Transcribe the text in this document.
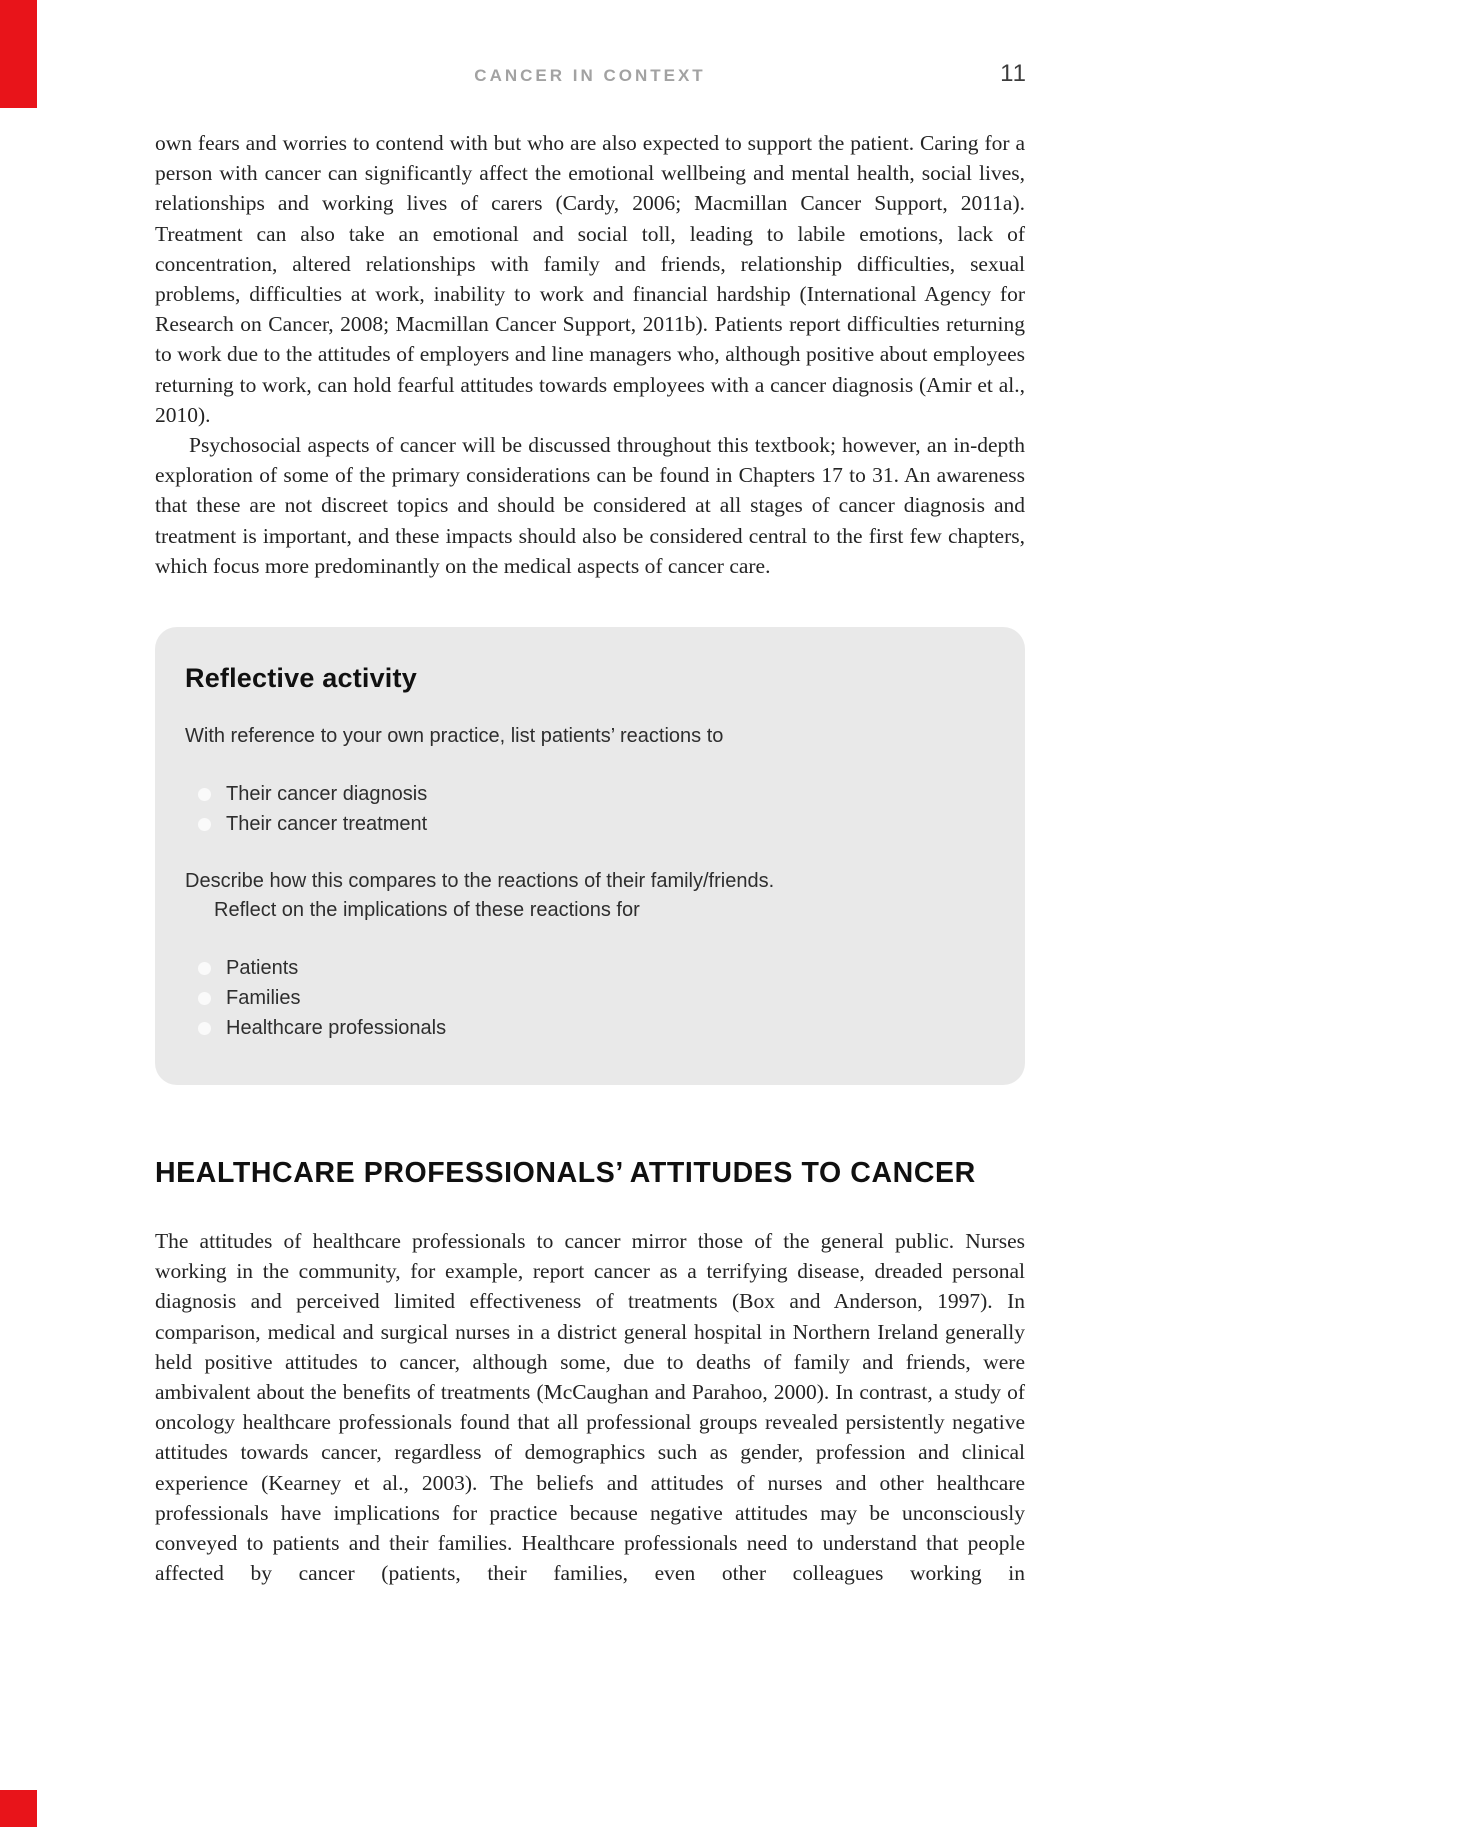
CANCER IN CONTEXT	11

own fears and worries to contend with but who are also expected to support the patient. Caring for a person with cancer can significantly affect the emotional wellbeing and mental health, social lives, relationships and working lives of carers (Cardy, 2006; Macmillan Cancer Support, 2011a). Treatment can also take an emotional and social toll, leading to labile emotions, lack of concentration, altered relationships with family and friends, relationship difficulties, sexual problems, difficulties at work, inability to work and financial hardship (International Agency for Research on Cancer, 2008; Macmillan Cancer Support, 2011b). Patients report difficulties returning to work due to the attitudes of employers and line managers who, although positive about employees returning to work, can hold fearful attitudes towards employees with a cancer diagnosis (Amir et al., 2010).

Psychosocial aspects of cancer will be discussed throughout this textbook; however, an in-depth exploration of some of the primary considerations can be found in Chapters 17 to 31. An awareness that these are not discreet topics and should be considered at all stages of cancer diagnosis and treatment is important, and these impacts should also be considered central to the first few chapters, which focus more predominantly on the medical aspects of cancer care.

Reflective activity

With reference to your own practice, list patients’ reactions to

Their cancer diagnosis
Their cancer treatment

Describe how this compares to the reactions of their family/friends.

Reflect on the implications of these reactions for

Patients
Families
Healthcare professionals
HEALTHCARE PROFESSIONALS’ ATTITUDES TO CANCER

The attitudes of healthcare professionals to cancer mirror those of the general public. Nurses working in the community, for example, report cancer as a terrifying disease, dreaded personal diagnosis and perceived limited effectiveness of treatments (Box and Anderson, 1997). In comparison, medical and surgical nurses in a district general hospital in Northern Ireland generally held positive attitudes to cancer, although some, due to deaths of family and friends, were ambivalent about the benefits of treatments (McCaughan and Parahoo, 2000). In contrast, a study of oncology healthcare professionals found that all professional groups revealed persistently negative attitudes towards cancer, regardless of demographics such as gender, profession and clinical experience (Kearney et al., 2003). The beliefs and attitudes of nurses and other healthcare professionals have implications for practice because negative attitudes may be unconsciously conveyed to patients and their families. Healthcare professionals need to understand that people affected by cancer (patients, their families, even other colleagues working in
